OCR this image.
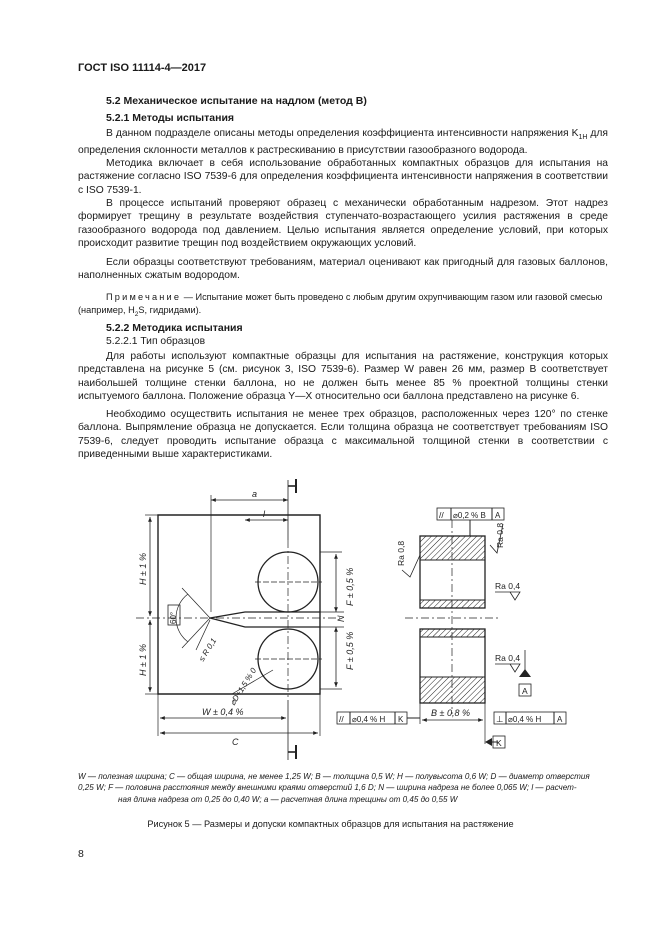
ГОСТ ISO 11114-4—2017
5.2 Механическое испытание на надлом (метод В)
5.2.1 Методы испытания
В данном подразделе описаны методы определения коэффициента интенсивности напряжения $K_{1H}$ для определения склонности металлов к растрескиванию в присутствии газообразного водорода.
Методика включает в себя использование обработанных компактных образцов для испытания на растяжение согласно ISO 7539-6 для определения коэффициента интенсивности напряжения в соответствии с ISO 7539-1.
В процессе испытаний проверяют образец с механически обработанным надрезом. Этот надрез формирует трещину в результате воздействия ступенчато-возрастающего усилия растяжения в среде газообразного водорода под давлением. Целью испытания является определение условий, при которых происходит развитие трещин под воздействием окружающих условий.
Если образцы соответствуют требованиям, материал оценивают как пригодный для газовых баллонов, наполненных сжатым водородом.
Примечание — Испытание может быть проведено с любым другим охрупчивающим газом или газовой смесью (например, $H_2S$, гидридами).
5.2.2 Методика испытания
5.2.2.1 Тип образцов
Для работы используют компактные образцы для испытания на растяжение, конструкция которых представлена на рисунке 5 (см. рисунок 3, ISO 7539-6). Размер W равен 26 мм, размер B соответствует наибольшей толщине стенки баллона, но не должен быть менее 85 % проектной толщины стенки испытуемого баллона. Положение образца Y—X относительно оси баллона представлено на рисунке 6.
Необходимо осуществить испытания не менее трех образцов, расположенных через 120° по стенке баллона. Выпрямление образца не допускается. Если толщина образца не соответствует требованиям ISO 7539-6, следует проводить испытание образца с максимальной толщиной стенки в соответствии с приведенными выше характеристиками.
a
l
H ± 1 %
H ± 1 %
60°
≤ R 0,1
⌀D+1,5 % 0
F ± 0,5 %
F ± 0,5 %
N
W ± 0,4 %
C
Ra 0,8
Ra 0,8
Ra 0,4
Ra 0,4
B ± 0,8 %
A
K
// ⌀0,2 % B A
// ⌀0,4 % H K	⊥ ⌀0,4 % H A
W — полезная ширина; C — общая ширина, не менее 1,25 W; B — толщина 0,5 W; H — полувысота 0,6 W; D — диаметр отверстия
0,25 W; F — половина расстояния между внешними краями отверстий 1,6 D; N — ширина надреза не более 0,065 W; l — расчет-
ная длина надреза от 0,25 до 0,40 W; a — расчетная длина трещины от 0,45 до 0,55 W
Рисунок 5 — Размеры и допуски компактных образцов для испытания на растяжение
8
